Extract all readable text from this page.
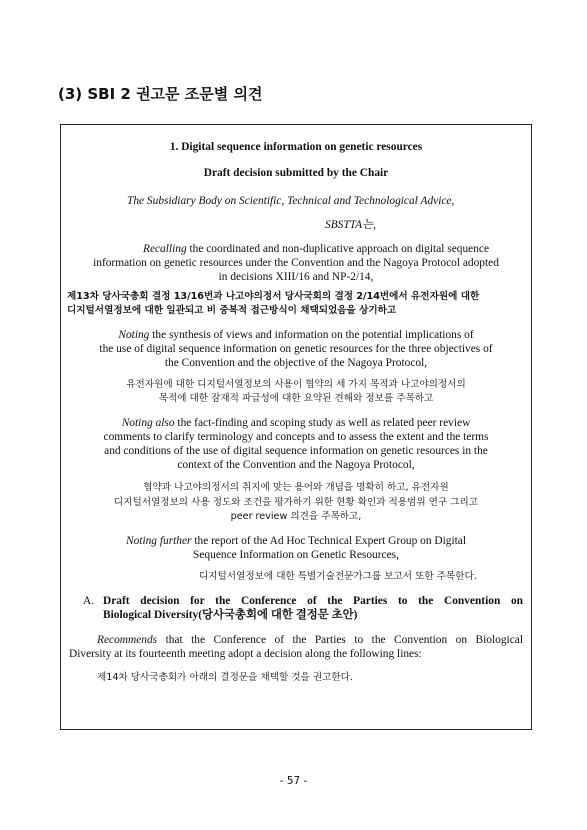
(3) SBI 2 권고문 조문별 의견
1. Digital sequence information on genetic resources
Draft decision submitted by the Chair
The Subsidiary Body on Scientific, Technical and Technological Advice,
SBSTTA는,
Recalling the coordinated and non-duplicative approach on digital sequence
information on genetic resources under the Convention and the Nagoya Protocol adopted
in decisions XIII/16 and NP-2/14,
제13차 당사국총회 결정 13/16번과 나고야의정서 당사국회의 결정 2/14번에서 유전자원에 대한
디지털서열정보에 대한 일관되고 비 중복적 접근방식이 채택되었음을 상기하고
Noting the synthesis of views and information on the potential implications of
the use of digital sequence information on genetic resources for the three objectives of
the Convention and the objective of the Nagoya Protocol,
유전자원에 대한 디지털서열정보의 사용이 협약의 세 가지 목적과 나고야의정서의
목적에 대한 잠재적 파급성에 대한 요약된 견해와 정보를 주목하고
Noting also the fact-finding and scoping study as well as related peer review
comments to clarify terminology and concepts and to assess the extent and the terms
and conditions of the use of digital sequence information on genetic resources in the
context of the Convention and the Nagoya Protocol,
협약과 나고야의정서의 취지에 맞는 용어와 개념을 명확히 하고, 유전자원
디지털서열정보의 사용 정도와 조건을 평가하기 위한 현황 확인과 적용범위 연구 그리고
peer review 의견을 주목하고,
Noting further the report of the Ad Hoc Technical Expert Group on Digital
Sequence Information on Genetic Resources,
디지털서열정보에 대한 특별기술전문가그룹 보고서 또한 주목한다.
A. Draft decision for the Conference of the Parties to the Convention on
Biological Diversity(당사국총회에 대한 결정문 초안)
Recommends that the Conference of the Parties to the Convention on Biological
Diversity at its fourteenth meeting adopt a decision along the following lines:
제14차 당사국총회가 아래의 결정문을 채택할 것을 권고한다.
- 57 -
